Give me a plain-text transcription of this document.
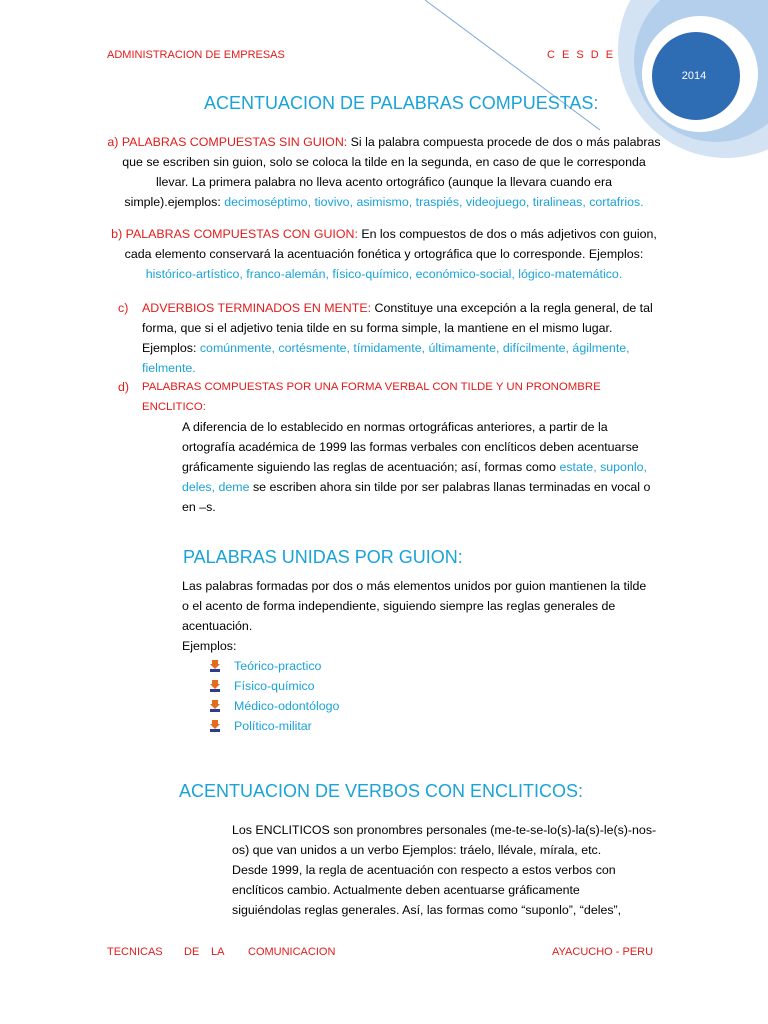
2014
ADMINISTRACION DE EMPRESAS	C E S D E
ACENTUACION DE PALABRAS COMPUESTAS:
a) PALABRAS COMPUESTAS SIN GUION: Si la palabra compuesta procede de dos o más palabras
que se escriben sin guion, solo se coloca la tilde en la segunda, en caso de que le corresponda
llevar. La primera palabra no lleva acento ortográfico (aunque la llevara cuando era
simple).ejemplos: decimoséptimo, tiovivo, asimismo, traspiés, videojuego, tiralineas, cortafrios.
b) PALABRAS COMPUESTAS CON GUION: En los compuestos de dos o más adjetivos con guion,
cada elemento conservará la acentuación fonética y ortográfica que lo corresponde. Ejemplos:
histórico-artístico, franco-alemán, físico-químico, económico-social, lógico-matemático.
c) ADVERBIOS TERMINADOS EN MENTE: Constituye una excepción a la regla general, de tal
forma, que si el adjetivo tenia tilde en su forma simple, la mantiene en el mismo lugar.
Ejemplos: comúnmente, cortésmente, tímidamente, últimamente, difícilmente, ágilmente,
fielmente.
d) PALABRAS COMPUESTAS POR UNA FORMA VERBAL CON TILDE Y UN PRONOMBRE
ENCLITICO:
A diferencia de lo establecido en normas ortográficas anteriores, a partir de la
ortografía académica de 1999 las formas verbales con enclíticos deben acentuarse
gráficamente siguiendo las reglas de acentuación; así, formas como estate, suponlo,
deles, deme se escriben ahora sin tilde por ser palabras llanas terminadas en vocal o
en –s.
PALABRAS UNIDAS POR GUION:
Las palabras formadas por dos o más elementos unidos por guion mantienen la tilde
o el acento de forma independiente, siguiendo siempre las reglas generales de
acentuación.
Ejemplos:
Teórico-practico
Físico-químico
Médico-odontólogo
Político-militar
ACENTUACION DE VERBOS CON ENCLITICOS:
Los ENCLITICOS son pronombres personales (me-te-se-lo(s)-la(s)-le(s)-nos-
os) que van unidos a un verbo Ejemplos: tráelo, llévale, mírala, etc.
Desde 1999, la regla de acentuación con respecto a estos verbos con
enclíticos cambio. Actualmente deben acentuarse gráficamente
siguiéndolas reglas generales. Así, las formas como “suponlo”, “deles”,
TECNICAS DE LA COMUNICACION	AYACUCHO - PERU
